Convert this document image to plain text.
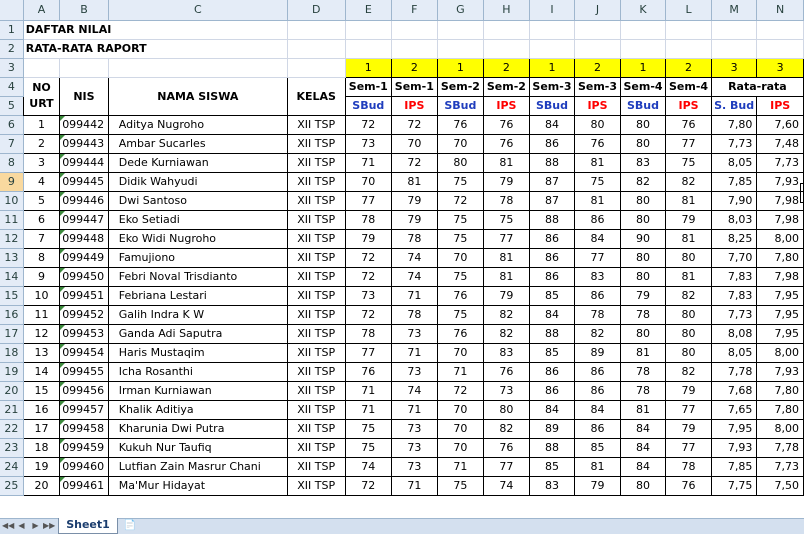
	A	B	C	D	E	F	G	H	I	J	K	L	M	N
1	DAFTAR NILAI													
2	RATA-RATA RAPORT													
3					1	2	1	2	1	2	1	2	3	3
4	NO URT	NIS	NAMA SISWA	KELAS	Sem-1	Sem-1	Sem-2	Sem-2	Sem-3	Sem-3	Sem-4	Sem-4	Rata-rata	
5					SBud	IPS	SBud	IPS	SBud	IPS	SBud	IPS	S. Bud	IPS
6	1	099442	Aditya Nugroho	XII TSP	72	72	76	76	84	80	80	76	7,80	7,60
7	2	099443	Ambar Sucarles	XII TSP	73	70	70	76	86	76	80	77	7,73	7,48
8	3	099444	Dede Kurniawan	XII TSP	71	72	80	81	88	81	83	75	8,05	7,73
9	4	099445	Didik Wahyudi	XII TSP	70	81	75	79	87	75	82	82	7,85	7,93
10	5	099446	Dwi Santoso	XII TSP	77	79	72	78	87	81	80	81	7,90	7,98
11	6	099447	Eko Setiadi	XII TSP	78	79	75	75	88	86	80	79	8,03	7,98
12	7	099448	Eko Widi Nugroho	XII TSP	79	78	75	77	86	84	90	81	8,25	8,00
13	8	099449	Famujiono	XII TSP	72	74	70	81	86	77	80	80	7,70	7,80
14	9	099450	Febri Noval Trisdianto	XII TSP	72	74	75	81	86	83	80	81	7,83	7,98
15	10	099451	Febriana Lestari	XII TSP	73	71	76	79	85	86	79	82	7,83	7,95
16	11	099452	Galih Indra K W	XII TSP	72	78	75	82	84	78	78	80	7,73	7,95
17	12	099453	Ganda Adi Saputra	XII TSP	78	73	76	82	88	82	80	80	8,08	7,95
18	13	099454	Haris Mustaqim	XII TSP	77	71	70	83	85	89	81	80	8,05	8,00
19	14	099455	Icha Rosanthi	XII TSP	76	73	71	76	86	86	78	82	7,78	7,93
20	15	099456	Irman Kurniawan	XII TSP	71	74	72	73	86	86	78	79	7,68	7,80
21	16	099457	Khalik Aditiya	XII TSP	71	71	70	80	84	84	81	77	7,65	7,80
22	17	099458	Kharunia Dwi Putra	XII TSP	75	73	70	82	89	86	84	79	7,95	8,00
23	18	099459	Kukuh Nur Taufiq	XII TSP	75	73	70	76	88	85	84	77	7,93	7,78
24	19	099460	Lutfian Zain Masrur Chani	XII TSP	74	73	71	77	85	81	84	78	7,85	7,73
25	20	099461	Ma'Mur Hidayat	XII TSP	72	71	75	74	83	79	80	76	7,75	7,50
◀◀ ◀ ▶ ▶▶ Sheet1	📄
